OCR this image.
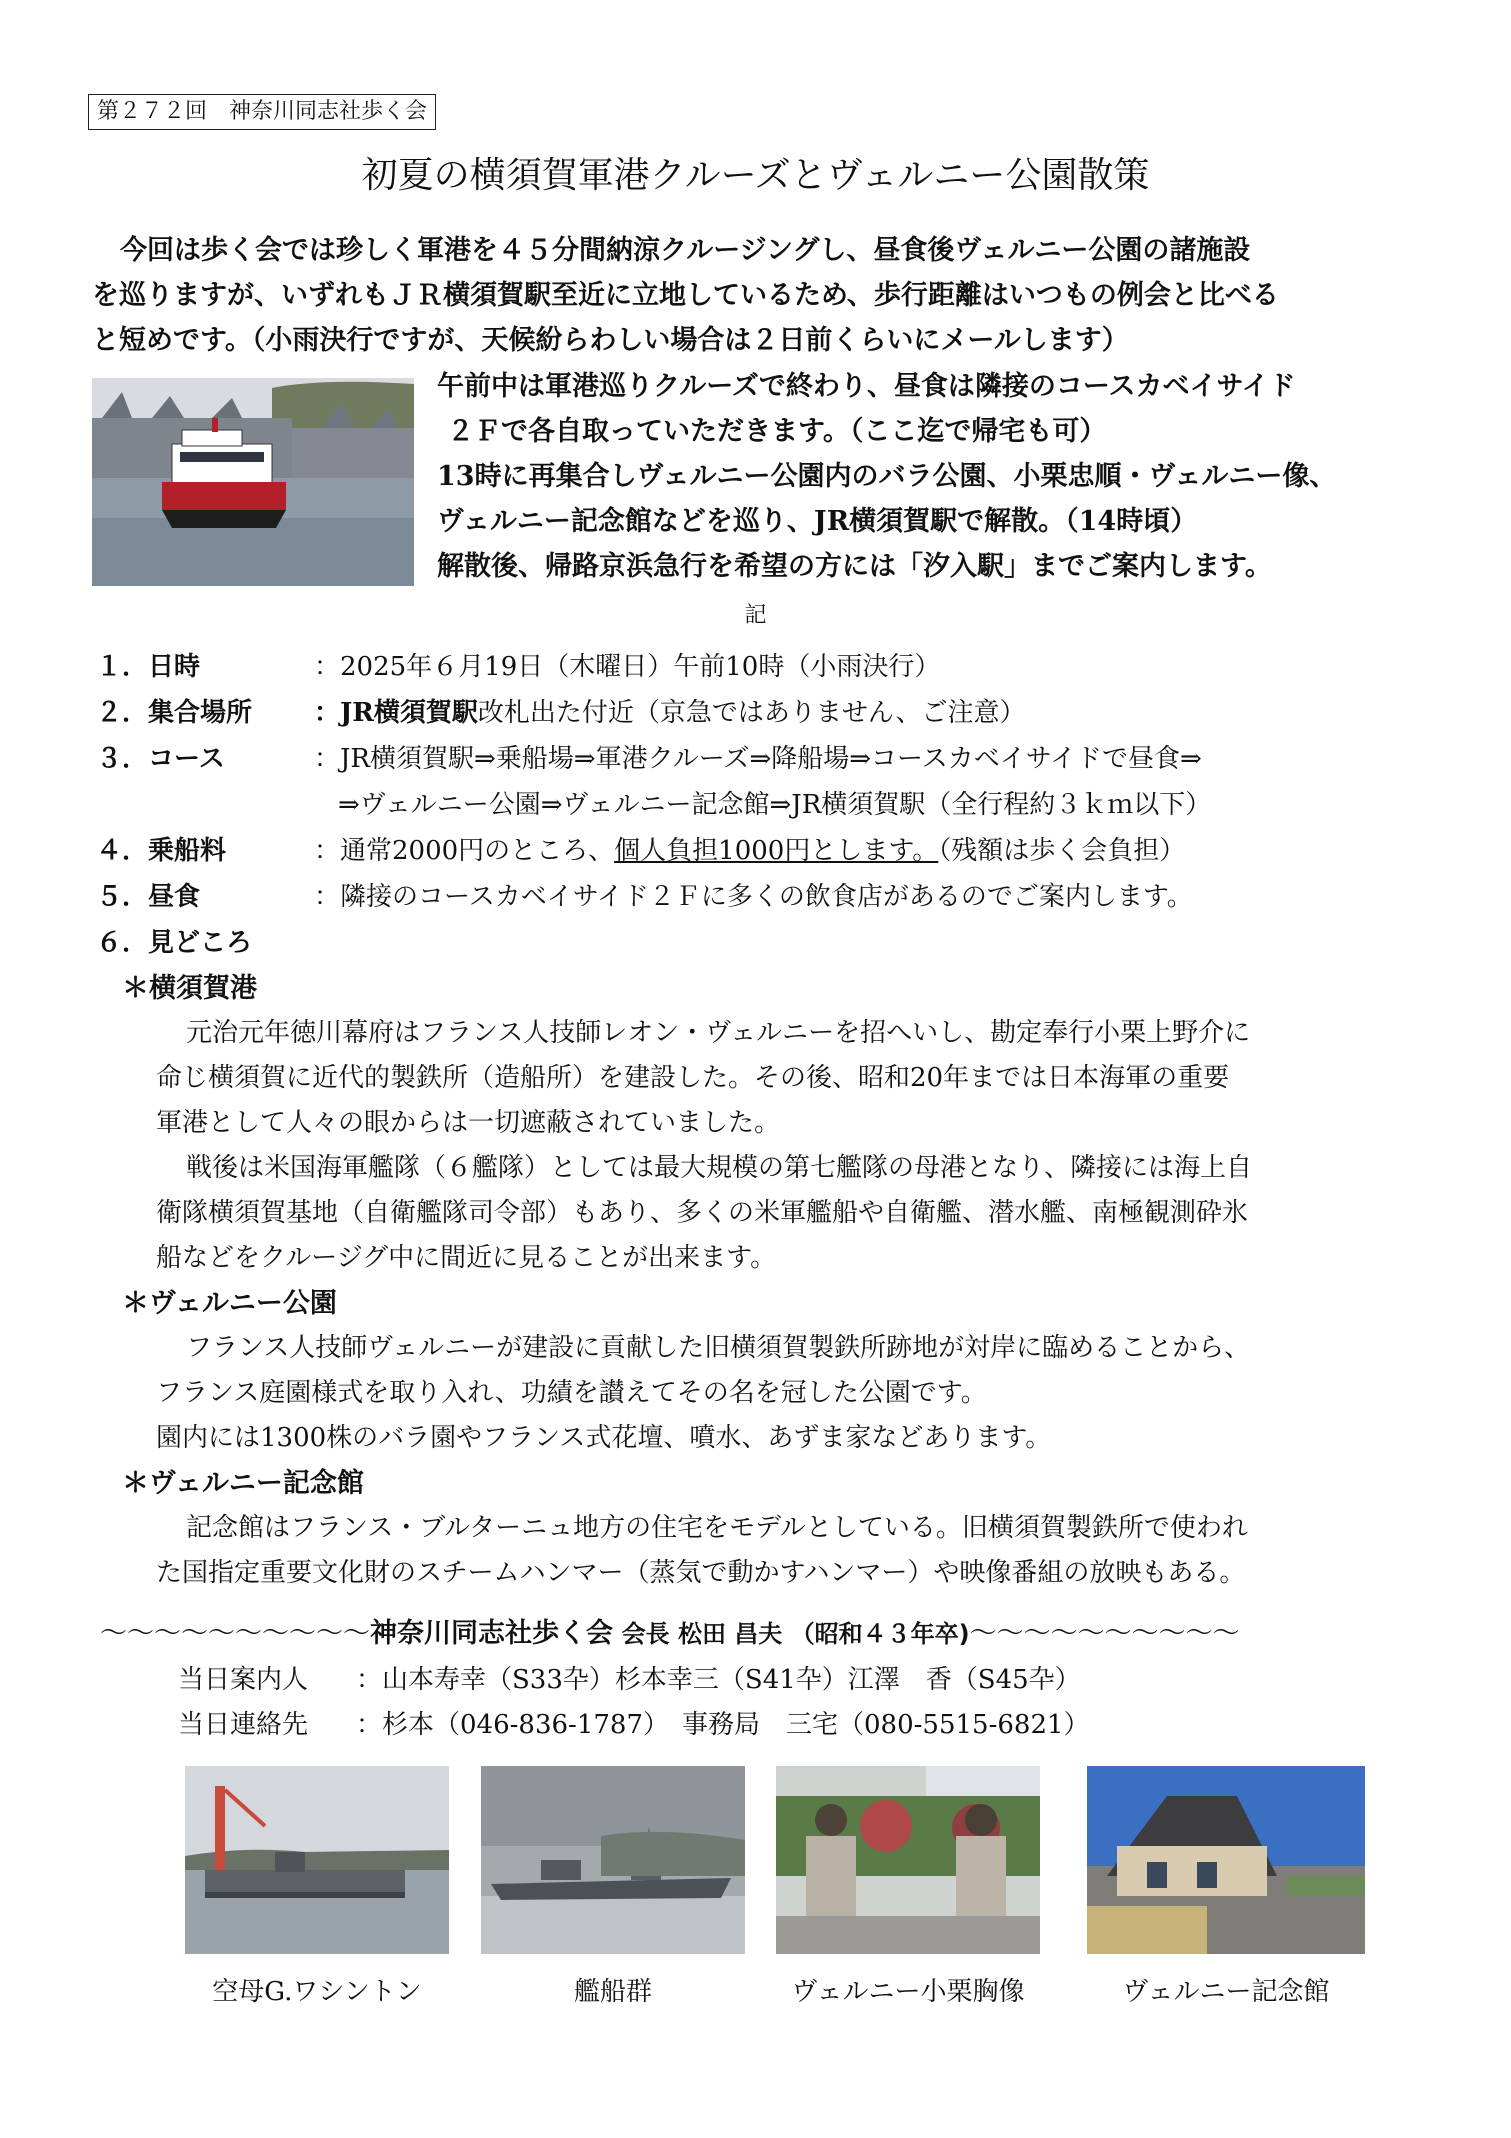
第２７２回　神奈川同志社歩く会
初夏の横須賀軍港クルーズとヴェルニー公園散策

今回は歩く会では珍しく軍港を４５分間納涼クルージングし、昼食後ヴェルニー公園の諸施設

を巡りますが、いずれもＪＲ横須賀駅至近に立地しているため、歩行距離はいつもの例会と比べる

と短めです。（小雨決行ですが、天候紛らわしい場合は２日前くらいにメールします）

午前中は軍港巡りクルーズで終わり、昼食は隣接のコースカベイサイド

２Ｆで各自取っていただきます。（ここ迄で帰宅も可）

13時に再集合しヴェルニー公園内のバラ公園、小栗忠順・ヴェルニー像、

ヴェルニー記念館などを巡り、JR横須賀駅で解散。（14時頃）

解散後、帰路京浜急行を希望の方には「汐入駅」までご案内します。

記
１．日時	：2025年６月19日（木曜日）午前10時（小雨決行）
２．集合場所 ：JR横須賀駅改札出た付近（京急ではありません、ご注意）
３．コース	：JR横須賀駅⇒乗船場⇒軍港クルーズ⇒降船場⇒コースカベイサイドで昼食⇒
⇒ヴェルニー公園⇒ヴェルニー記念館⇒JR横須賀駅（全行程約３ｋｍ以下）
４．乗船料	：通常2000円のところ、個人負担1000円とします。（残額は歩く会負担）
５．昼食	：隣接のコースカベイサイド２Ｆに多くの飲食店があるのでご案内します。
６．見どころ
＊横須賀港

元治元年徳川幕府はフランス人技師レオン・ヴェルニーを招へいし、勘定奉行小栗上野介に

命じ横須賀に近代的製鉄所（造船所）を建設した。その後、昭和20年までは日本海軍の重要

軍港として人々の眼からは一切遮蔽されていました。

戦後は米国海軍艦隊（６艦隊）としては最大規模の第七艦隊の母港となり、隣接には海上自

衛隊横須賀基地（自衛艦隊司令部）もあり、多くの米軍艦船や自衛艦、潜水艦、南極観測砕氷

船などをクルージグ中に間近に見ることが出来ます。

＊ヴェルニー公園

フランス人技師ヴェルニーが建設に貢献した旧横須賀製鉄所跡地が対岸に臨めることから、

フランス庭園様式を取り入れ、功績を讃えてその名を冠した公園です。

園内には1300株のバラ園やフランス式花壇、噴水、あずま家などあります。

＊ヴェルニー記念館

記念館はフランス・ブルターニュ地方の住宅をモデルとしている。旧横須賀製鉄所で使われ

た国指定重要文化財のスチームハンマー（蒸気で動かすハンマー）や映像番組の放映もある。

～～～～～～～～～～神奈川同志社歩く会 会長 松田 昌夫 （昭和４３年卒)～～～～～～～～～～
当日案内人 ：山本寿幸（S33卆）杉本幸三（S41卆）江澤　香（S45卆）
当日連絡先 ：杉本（046-836-1787）　事務局　三宅（080-5515-6821）
空母G.ワシントン	艦船群	ヴェルニー小栗胸像	ヴェルニー記念館
